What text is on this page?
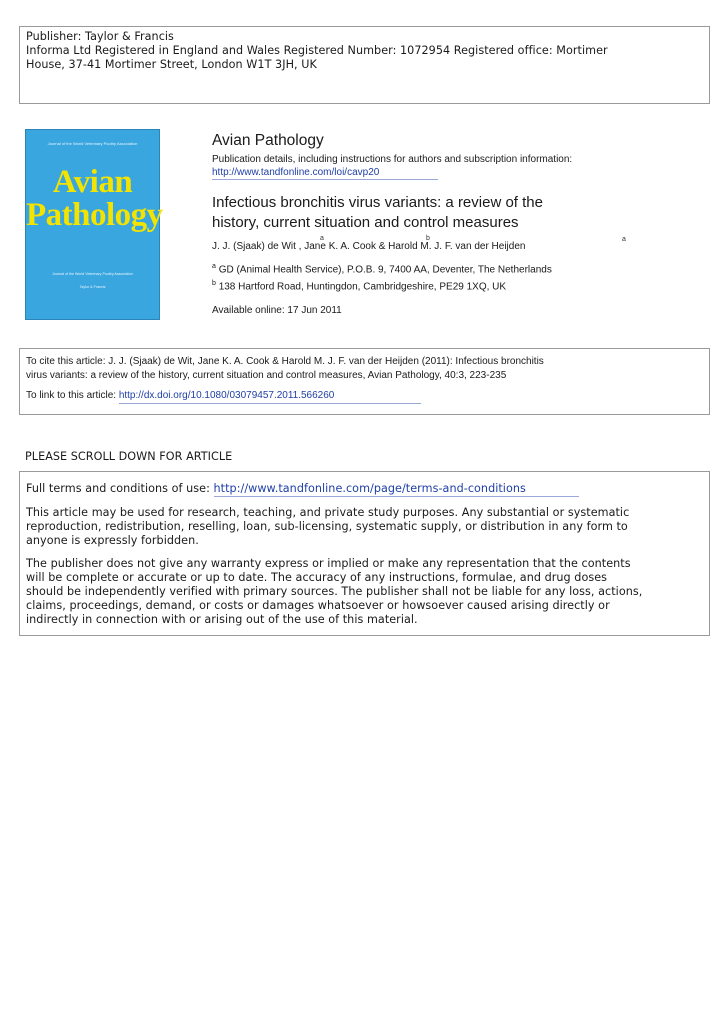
Publisher: Taylor & Francis
Informa Ltd Registered in England and Wales Registered Number: 1072954 Registered office: Mortimer
House, 37-41 Mortimer Street, London W1T 3JH, UK
Journal of the World Veterinary Poultry Association
Avian
Pathology
Journal of the World Veterinary Poultry Association
Taylor & Francis
Avian Pathology
Publication details, including instructions for authors and subscription information:
http://www.tandfonline.com/loi/cavp20
Infectious bronchitis virus variants: a review of the
history, current situation and control measures
J. J. (Sjaak) de Wit , Jane K. A. Cook & Harold M. J. F. van der Heijden
a	b	a
$^a$ GD (Animal Health Service), P.O.B. 9, 7400 AA, Deventer, The Netherlands
$^b$ 138 Hartford Road, Huntingdon, Cambridgeshire, PE29 1XQ, UK
Available online: 17 Jun 2011
To cite this article: J. J. (Sjaak) de Wit, Jane K. A. Cook & Harold M. J. F. van der Heijden (2011): Infectious bronchitis
virus variants: a review of the history, current situation and control measures, Avian Pathology, 40:3, 223-235
To link to this article: http://dx.doi.org/10.1080/03079457.2011.566260
PLEASE SCROLL DOWN FOR ARTICLE
Full terms and conditions of use: http://www.tandfonline.com/page/terms-and-conditions
This article may be used for research, teaching, and private study purposes. Any substantial or systematic
reproduction, redistribution, reselling, loan, sub-licensing, systematic supply, or distribution in any form to
anyone is expressly forbidden.
The publisher does not give any warranty express or implied or make any representation that the contents
will be complete or accurate or up to date. The accuracy of any instructions, formulae, and drug doses
should be independently verified with primary sources. The publisher shall not be liable for any loss, actions,
claims, proceedings, demand, or costs or damages whatsoever or howsoever caused arising directly or
indirectly in connection with or arising out of the use of this material.
